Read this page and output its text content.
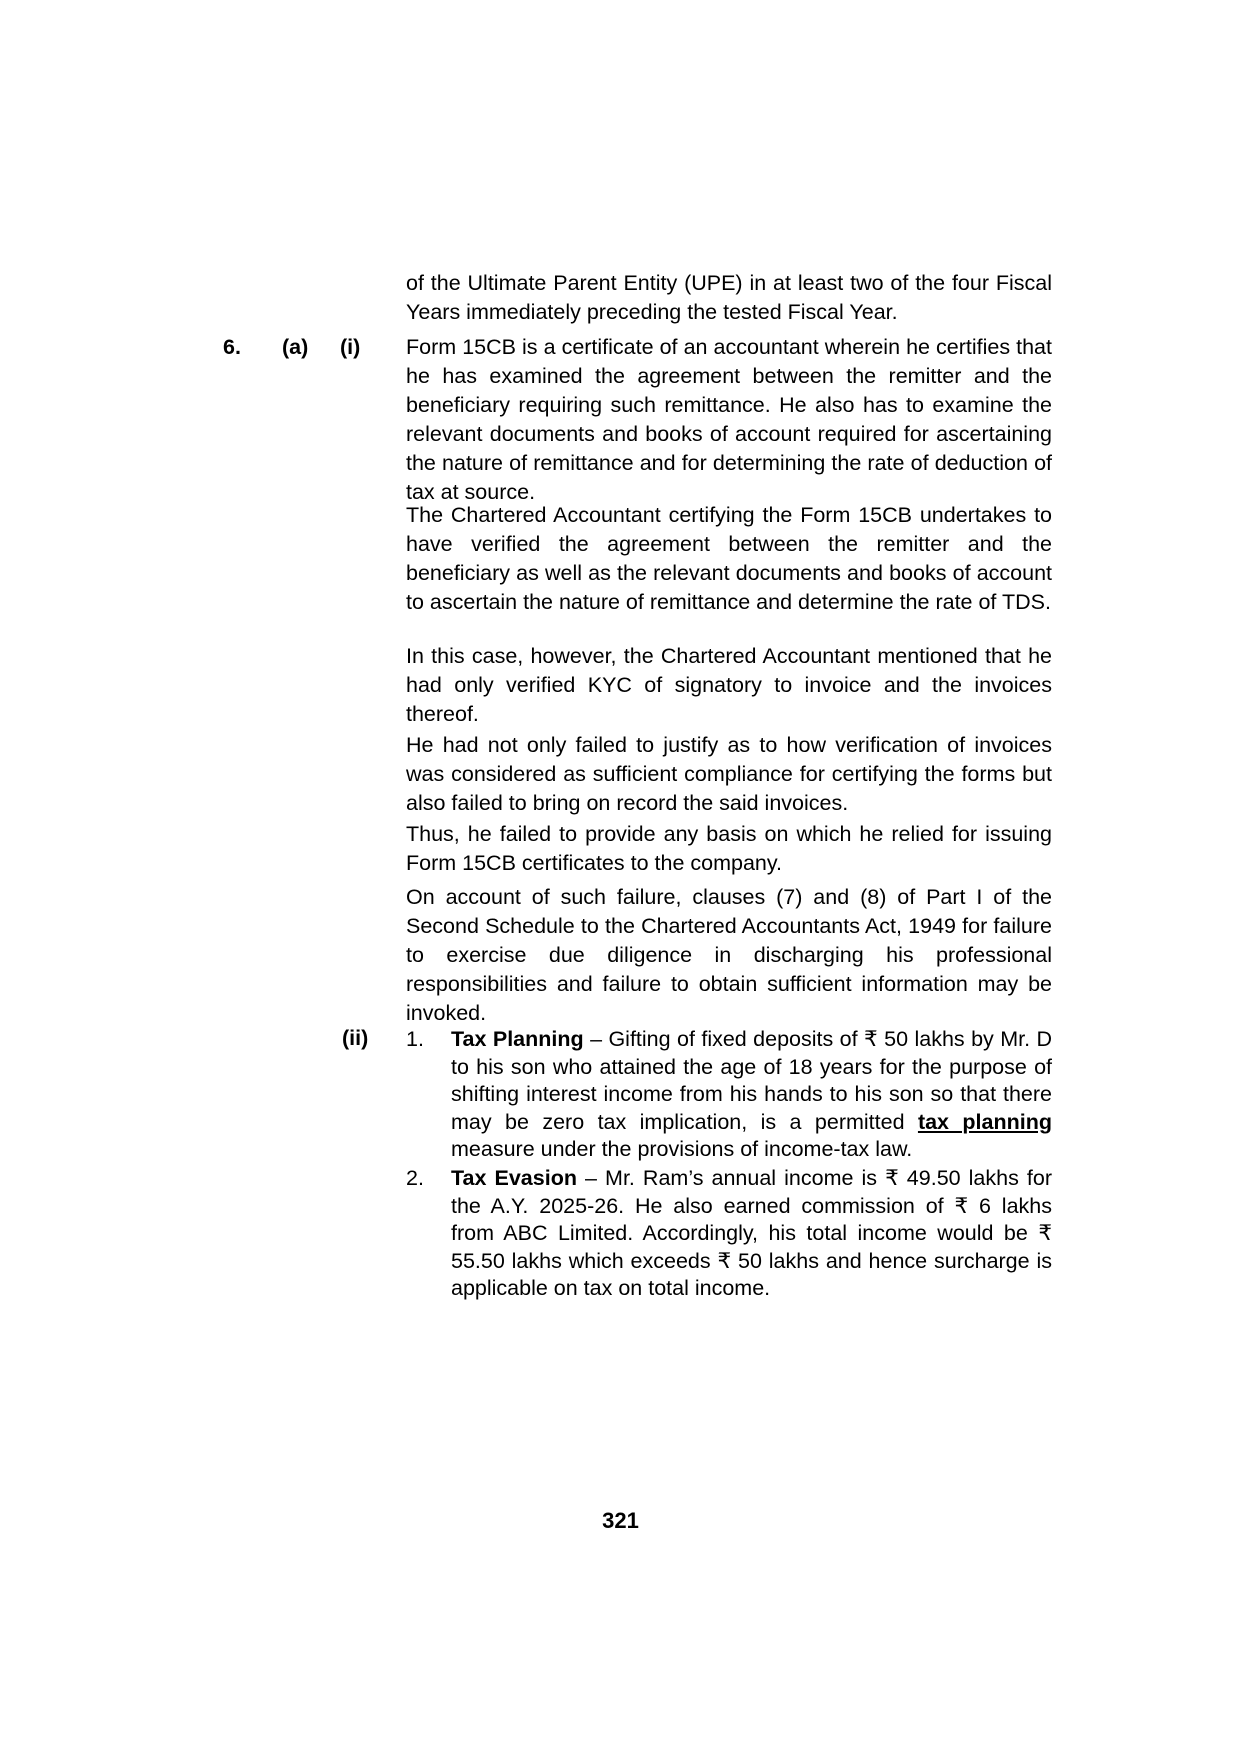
of the Ultimate Parent Entity (UPE) in at least two of the four Fiscal Years immediately preceding the tested Fiscal Year.

6. (a) (i) Form 15CB is a certificate of an accountant wherein he certifies that he has examined the agreement between the remitter and the beneficiary requiring such remittance. He also has to examine the relevant documents and books of account required for ascertaining the nature of remittance and for determining the rate of deduction of tax at source.

The Chartered Accountant certifying the Form 15CB undertakes to have verified the agreement between the remitter and the beneficiary as well as the relevant documents and books of account to ascertain the nature of remittance and determine the rate of TDS.

In this case, however, the Chartered Accountant mentioned that he had only verified KYC of signatory to invoice and the invoices thereof.

He had not only failed to justify as to how verification of invoices was considered as sufficient compliance for certifying the forms but also failed to bring on record the said invoices.

Thus, he failed to provide any basis on which he relied for issuing Form 15CB certificates to the company.

On account of such failure, clauses (7) and (8) of Part I of the Second Schedule to the Chartered Accountants Act, 1949 for failure to exercise due diligence in discharging his professional responsibilities and failure to obtain sufficient information may be invoked.

(ii) 1. Tax Planning – Gifting of fixed deposits of ₹ 50 lakhs by Mr. D to his son who attained the age of 18 years for the purpose of shifting interest income from his hands to his son so that there may be zero tax implication, is a permitted tax planning measure under the provisions of income-tax law.

2. Tax Evasion – Mr. Ram’s annual income is ₹ 49.50 lakhs for the A.Y. 2025-26. He also earned commission of ₹ 6 lakhs from ABC Limited. Accordingly, his total income would be ₹ 55.50 lakhs which exceeds ₹ 50 lakhs and hence surcharge is applicable on tax on total income.

321
